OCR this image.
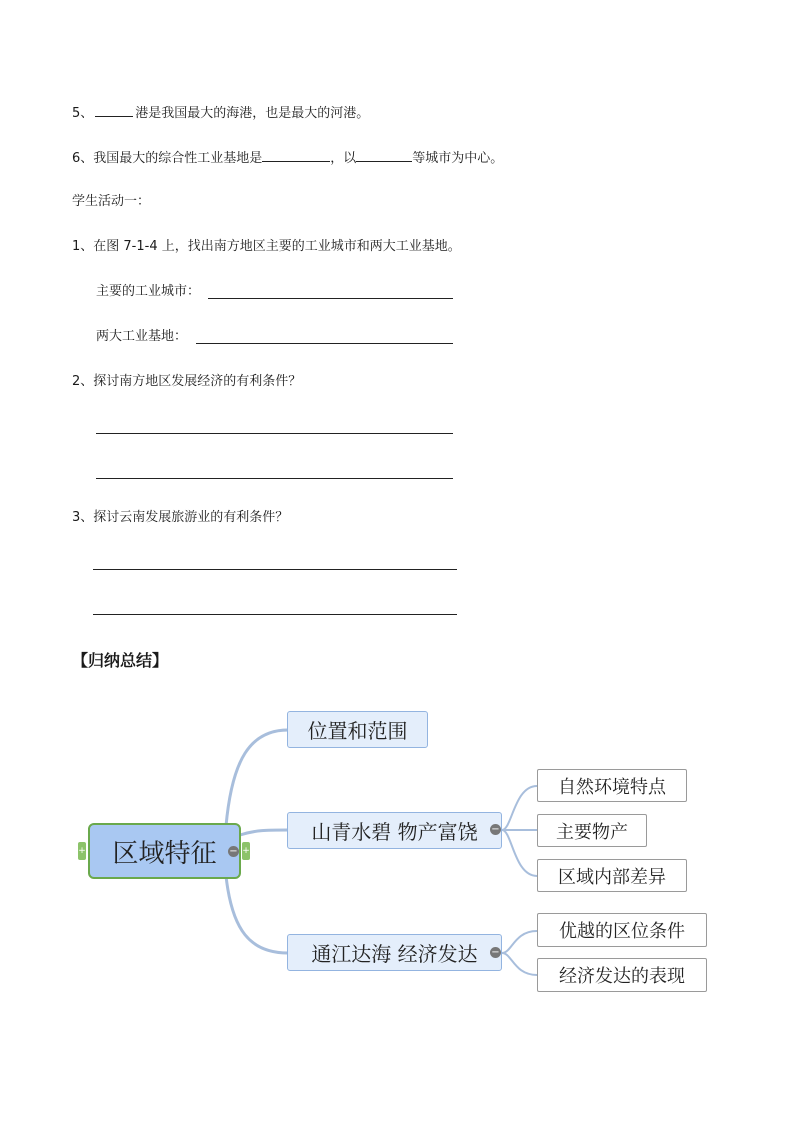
5、	港是我国最大的海港，也是最大的河港。
6、我国最大的综合性工业基地是	，以	等城市为中心。
学生活动一：
1、在图 7-1-4 上，找出南方地区主要的工业城市和两大工业基地。
主要的工业城市：
两大工业基地：
2、探讨南方地区发展经济的有利条件？
3、探讨云南发展旅游业的有利条件？
【归纳总结】
+ 区域特征 − +
位置和范围
山青水碧 物产富饶 −
自然环境特点
主要物产
区域内部差异
通江达海 经济发达 −
优越的区位条件
经济发达的表现
